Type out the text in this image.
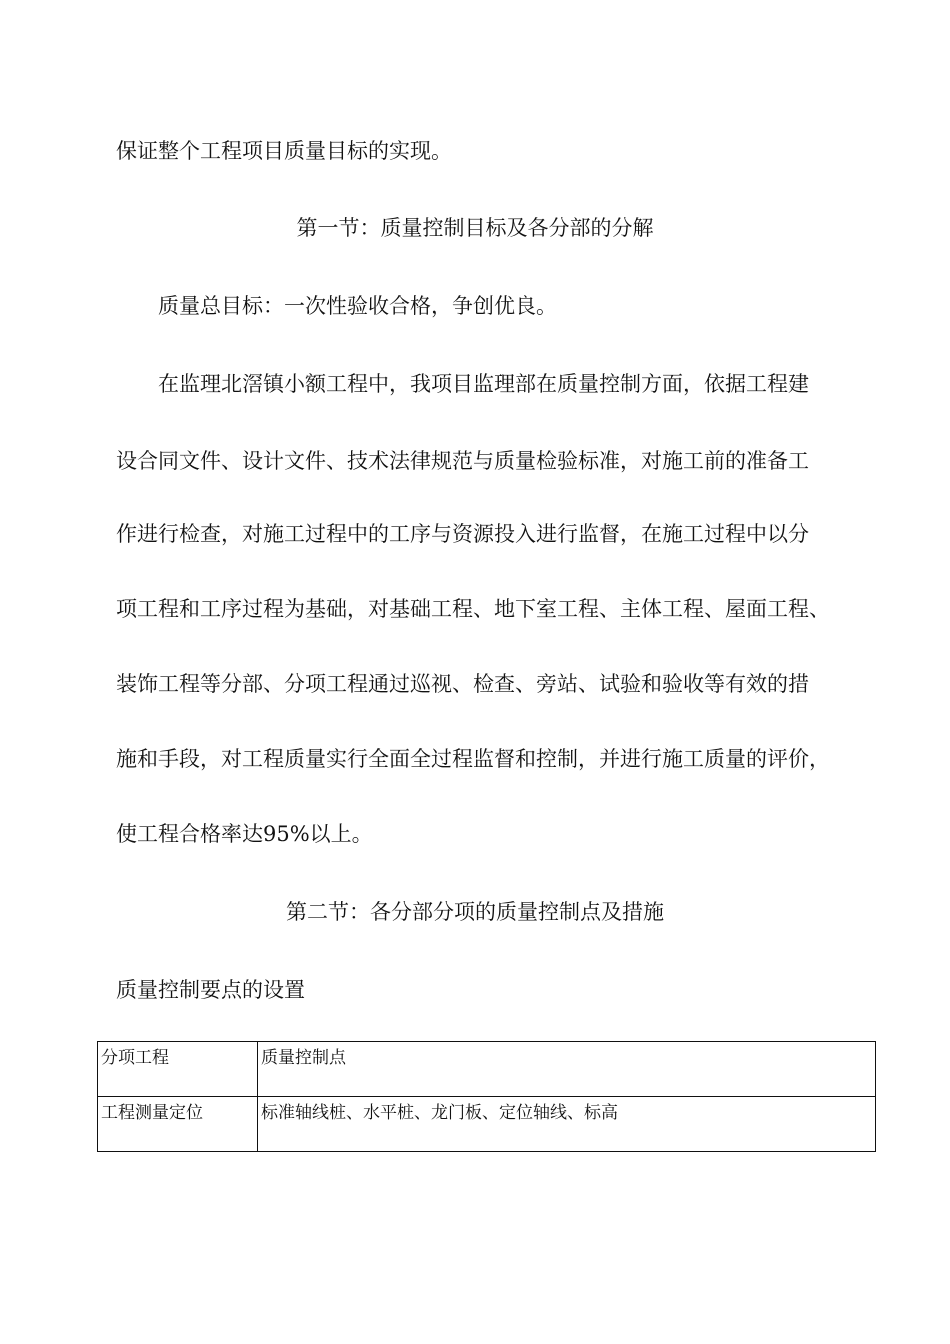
保证整个工程项目质量目标的实现。
第一节：质量控制目标及各分部的分解
质量总目标：一次性验收合格，争创优良。
在监理北滘镇小额工程中，我项目监理部在质量控制方面，依据工程建
设合同文件、设计文件、技术法律规范与质量检验标准，对施工前的准备工
作进行检查，对施工过程中的工序与资源投入进行监督，在施工过程中以分
项工程和工序过程为基础，对基础工程、地下室工程、主体工程、屋面工程、
装饰工程等分部、分项工程通过巡视、检查、旁站、试验和验收等有效的措
施和手段，对工程质量实行全面全过程监督和控制，并进行施工质量的评价，
使工程合格率达95%以上。
第二节：各分部分项的质量控制点及措施
质量控制要点的设置
分项工程	质量控制点
工程测量定位	标准轴线桩、水平桩、龙门板、定位轴线、标高
